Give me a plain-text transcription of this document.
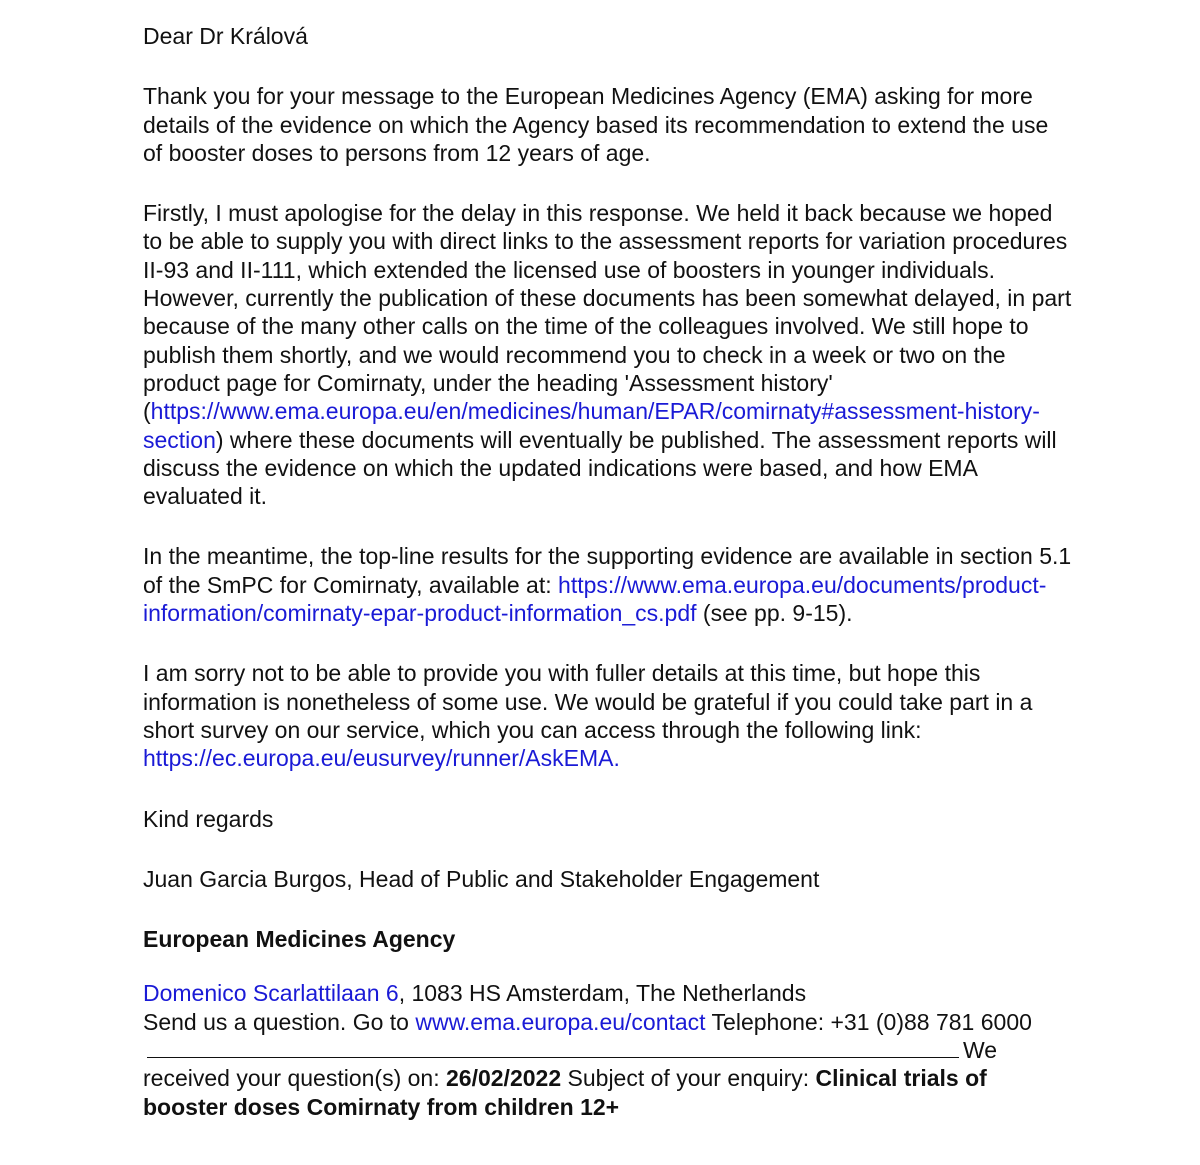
Dear Dr Králová

Thank you for your message to the European Medicines Agency (EMA) asking for more details of the evidence on which the Agency based its recommendation to extend the use of booster doses to persons from 12 years of age.

Firstly, I must apologise for the delay in this response. We held it back because we hoped to be able to supply you with direct links to the assessment reports for variation procedures II-93 and II-111, which extended the licensed use of boosters in younger individuals. However, currently the publication of these documents has been somewhat delayed, in part because of the many other calls on the time of the colleagues involved. We still hope to publish them shortly, and we would recommend you to check in a week or two on the product page for Comirnaty, under the heading 'Assessment history' (https://www.ema.europa.eu/en/medicines/human/EPAR/comirnaty#assessment-history-section) where these documents will eventually be published. The assessment reports will discuss the evidence on which the updated indications were based, and how EMA evaluated it.

In the meantime, the top-line results for the supporting evidence are available in section 5.1 of the SmPC for Comirnaty, available at: https://www.ema.europa.eu/documents/product-information/comirnaty-epar-product-information_cs.pdf (see pp. 9-15).

I am sorry not to be able to provide you with fuller details at this time, but hope this information is nonetheless of some use. We would be grateful if you could take part in a short survey on our service, which you can access through the following link: https://ec.europa.eu/eusurvey/runner/AskEMA.

Kind regards

Juan Garcia Burgos, Head of Public and Stakeholder Engagement

European Medicines Agency

Domenico Scarlattilaan 6, 1083 HS Amsterdam, The Netherlands

Send us a question. Go to www.ema.europa.eu/contact Telephone: +31 (0)88 781 6000We received your question(s) on: 26/02/2022 Subject of your enquiry: Clinical trials of booster doses Comirnaty from children 12+
